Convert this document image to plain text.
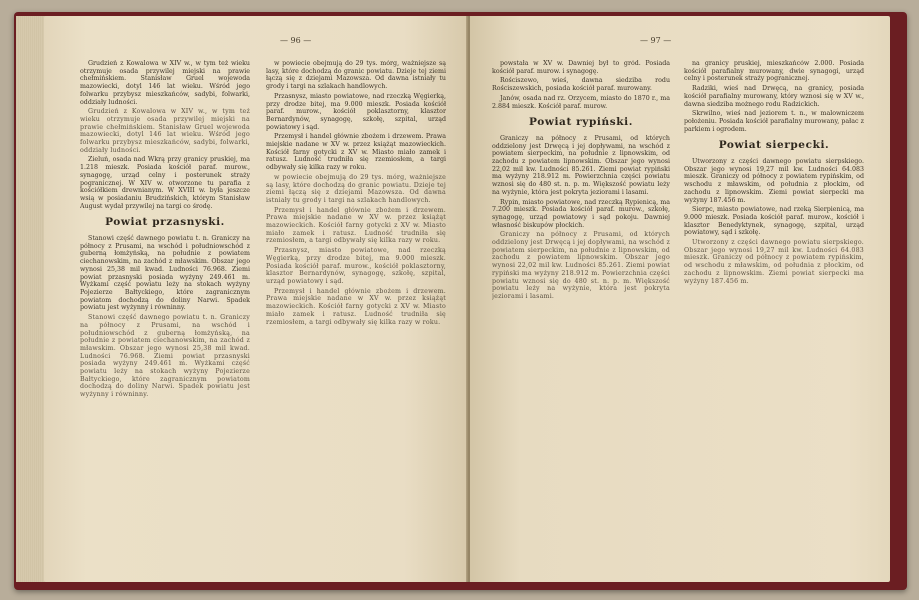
— 96 —

Grudzień z Kowalowa w XIV w., w tym też wieku otrzymuje osada przywilej miejski na prawie chełmińskiem. Stanisław Gruel wojewoda mazowiecki, dotyl 146 lat wieku. Wśród jego folwarku przybysz mieszkańców, sadybi, folwarki, oddziały ludności.

Grudzień z Kowalowa w XIV w., w tym też wieku otrzymuje osada przywilej miejski na prawie chełmińskiem. Stanisław Gruel wojewoda mazowiecki, dotyl 146 lat wieku. Wśród jego folwarku przybysz mieszkańców, sadybi, folwarki, oddziały ludności.

Zieluń, osada nad Wkrą przy granicy pruskiej, ma 1.218 mieszk. Posiada kościół paraf. murow., synagogę, urząd celny i posterunek straży pogranicznej. W XIV w. otworzone tu parafia z kościółkiem drewnianym. W XVIII w. była jeszcze wsią w posiadaniu Brudzińskich, którym Stanisław August wydał przywilej na targi co środę.

Powiat przasnyski.

Stanowi część dawnego powiatu t. n. Graniczy na północy z Prusami, na wschód i południowschód z guberną łomżyńską, na południe z powiatem ciechanowskim, na zachód z mławskim. Obszar jego wynosi 25,38 mil kwad. Ludności 76.968. Ziemi powiat przasnyski posiada wyżyny 249.461 m. Wyżkami część powiatu leży na stokach wyżyny Pojezierze Bałtyckiego, które zagranicznym powiatom dochodzą do doliny Narwi. Spadek powiatu jest wyżynny i równinny.

Stanowi część dawnego powiatu t. n. Graniczy na północy z Prusami, na wschód i południowschód z guberną łomżyńską, na południe z powiatem ciechanowskim, na zachód z mławskim. Obszar jego wynosi 25,38 mil kwad. Ludności 76.968. Ziemi powiat przasnyski posiada wyżyny 249.461 m. Wyżkami część powiatu leży na stokach wyżyny Pojezierze Bałtyckiego, które zagranicznym powiatom dochodzą do doliny Narwi. Spadek powiatu jest wyżynny i równinny.

w powiecie obejmują do 29 tys. mórg, ważniejsze są lasy, które dochodzą do granic powiatu. Dzieje tej ziemi łączą się z dziejami Mazowsza. Od dawna istniały tu grody i targi na szlakach handlowych.

Przasnysz, miasto powiatowe, nad rzeczką Węgierką, przy drodze bitej, ma 9.000 mieszk. Posiada kościół paraf. murow., kościół poklasztorny, klasztor Bernardynów, synagogę, szkołę, szpital, urząd powiatowy i sąd.

Przemysł i handel głównie zbożem i drzewem. Prawa miejskie nadane w XV w. przez książąt mazowieckich. Kościół farny gotycki z XV w. Miasto miało zamek i ratusz. Ludność trudniła się rzemiosłem, a targi odbywały się kilka razy w roku.

w powiecie obejmują do 29 tys. mórg, ważniejsze są lasy, które dochodzą do granic powiatu. Dzieje tej ziemi łączą się z dziejami Mazowsza. Od dawna istniały tu grody i targi na szlakach handlowych.

Przemysł i handel głównie zbożem i drzewem. Prawa miejskie nadane w XV w. przez książąt mazowieckich. Kościół farny gotycki z XV w. Miasto miało zamek i ratusz. Ludność trudniła się rzemiosłem, a targi odbywały się kilka razy w roku.

Przasnysz, miasto powiatowe, nad rzeczką Węgierką, przy drodze bitej, ma 9.000 mieszk. Posiada kościół paraf. murow., kościół poklasztorny, klasztor Bernardynów, synagogę, szkołę, szpital, urząd powiatowy i sąd.

Przemysł i handel głównie zbożem i drzewem. Prawa miejskie nadane w XV w. przez książąt mazowieckich. Kościół farny gotycki z XV w. Miasto miało zamek i ratusz. Ludność trudniła się rzemiosłem, a targi odbywały się kilka razy w roku.

— 97 —

powstała w XV w. Dawniej był to gród. Posiada kościół paraf. murow. i synagogę.

Rościszewo, wieś, dawna siedziba rodu Rościszewskich, posiada kościół paraf. murowany.

Janów, osada nad rz. Orzycem, miasto do 1870 r., ma 2.884 mieszk. Kościół paraf. murow.

Powiat rypiński.

Graniczy na północy z Prusami, od których oddzielony jest Drwęcą i jej dopływami, na wschód z powiatem sierpeckim, na południe z lipnowskim, od zachodu z powiatem lipnowskim. Obszar jego wynosi 22,02 mil kw. Ludności 85.261. Ziemi powiat rypiński ma wyżyny 218.912 m. Powierzchnia części powiatu wznosi się do 480 st. n. p. m. Większość powiatu leży na wyżynie, która jest pokryta jeziorami i lasami.

Rypin, miasto powiatowe, nad rzeczką Rypienicą, ma 7.200 mieszk. Posiada kościół paraf. murow., szkołę, synagogę, urząd powiatowy i sąd pokoju. Dawniej własność biskupów płockich.

Graniczy na północy z Prusami, od których oddzielony jest Drwęcą i jej dopływami, na wschód z powiatem sierpeckim, na południe z lipnowskim, od zachodu z powiatem lipnowskim. Obszar jego wynosi 22,02 mil kw. Ludności 85.261. Ziemi powiat rypiński ma wyżyny 218.912 m. Powierzchnia części powiatu wznosi się do 480 st. n. p. m. Większość powiatu leży na wyżynie, która jest pokryta jeziorami i lasami.

na granicy pruskiej, mieszkańców 2.000. Posiada kościół parafialny murowany, dwie synagogi, urząd celny i posterunek straży pogranicznej.

Radziki, wieś nad Drwęcą, na granicy, posiada kościół parafialny murowany, który wznosi się w XV w., dawna siedziba możnego rodu Radzickich.

Skrwilno, wieś nad jeziorem t. n., w malowniczem położeniu. Posiada kościół parafialny murowany, pałac z parkiem i ogrodem.

Powiat sierpecki.

Utworzony z części dawnego powiatu sierpskiego. Obszar jego wynosi 19,27 mil kw. Ludności 64.083 mieszk. Graniczy od północy z powiatem rypińskim, od wschodu z mławskim, od południa z płockim, od zachodu z lipnowskim. Ziemi powiat sierpecki ma wyżyny 187.456 m.

Sierpc, miasto powiatowe, nad rzeką Sierpienicą, ma 9.000 mieszk. Posiada kościół paraf. murow., kościół i klasztor Benedyktynek, synagogę, szpital, urząd powiatowy, sąd i szkołę.

Utworzony z części dawnego powiatu sierpskiego. Obszar jego wynosi 19,27 mil kw. Ludności 64.083 mieszk. Graniczy od północy z powiatem rypińskim, od wschodu z mławskim, od południa z płockim, od zachodu z lipnowskim. Ziemi powiat sierpecki ma wyżyny 187.456 m.
